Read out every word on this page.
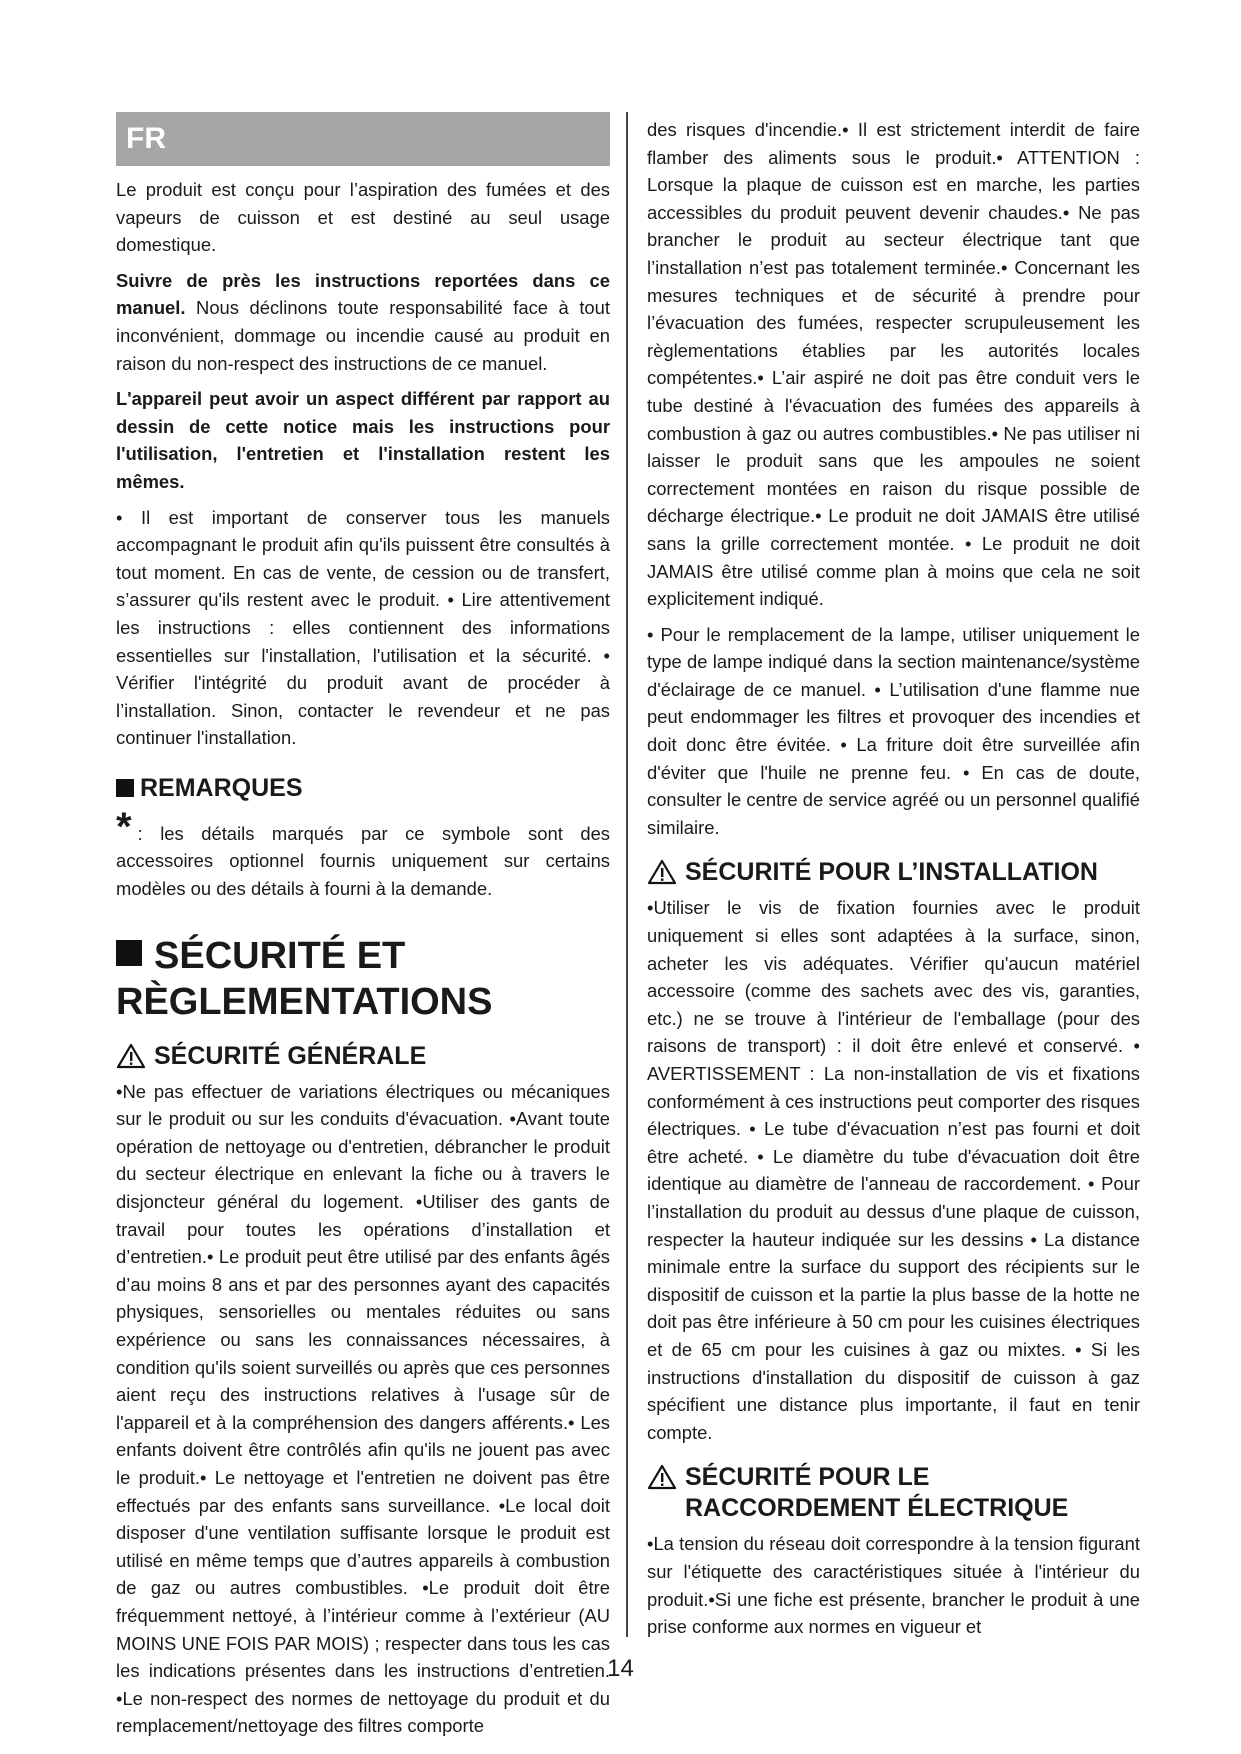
FR

Le produit est conçu pour l’aspiration des fumées et des vapeurs de cuisson et est destiné au seul usage domestique.

Suivre de près les instructions reportées dans ce manuel. Nous déclinons toute responsabilité face à tout inconvénient, dommage ou incendie causé au produit en raison du non-respect des instructions de ce manuel.

L'appareil peut avoir un aspect différent par rapport au dessin de cette notice mais les instructions pour l'utilisation, l'entretien et l'installation restent les mêmes.

• Il est important de conserver tous les manuels accompagnant le produit afin qu'ils puissent être consultés à tout moment. En cas de vente, de cession ou de transfert, s’assurer qu'ils restent avec le produit. • Lire attentivement les instructions : elles contiennent des informations essentielles sur l'installation, l'utilisation et la sécurité. • Vérifier l'intégrité du produit avant de procéder à l’installation. Sinon, contacter le revendeur et ne pas continuer l'installation.

REMARQUES

* : les détails marqués par ce symbole sont des accessoires optionnel fournis uniquement sur certains modèles ou des détails à fourni à la demande.

SÉCURITÉ ET
RÈGLEMENTATIONS
SÉCURITÉ GÉNÉRALE

•Ne pas effectuer de variations électriques ou mécaniques sur le produit ou sur les conduits d'évacuation. •Avant toute opération de nettoyage ou d'entretien, débrancher le produit du secteur électrique en enlevant la fiche ou à travers le disjoncteur général du logement. •Utiliser des gants de travail pour toutes les opérations d’installation et d’entretien.• Le produit peut être utilisé par des enfants âgés d’au moins 8 ans et par des personnes ayant des capacités physiques, sensorielles ou mentales réduites ou sans expérience ou sans les connaissances nécessaires, à condition qu'ils soient surveillés ou après que ces personnes aient reçu des instructions relatives à l'usage sûr de l'appareil et à la compréhension des dangers afférents.• Les enfants doivent être contrôlés afin qu'ils ne jouent pas avec le produit.• Le nettoyage et l'entretien ne doivent pas être effectués par des enfants sans surveillance. •Le local doit disposer d'une ventilation suffisante lorsque le produit est utilisé en même temps que d’autres appareils à combustion de gaz ou autres combustibles. •Le produit doit être fréquemment nettoyé, à l’intérieur comme à l’extérieur (AU MOINS UNE FOIS PAR MOIS) ; respecter dans tous les cas les indications présentes dans les instructions d’entretien. •Le non-respect des normes de nettoyage du produit et du remplacement/nettoyage des filtres comporte

des risques d'incendie.• Il est strictement interdit de faire flamber des aliments sous le produit.• ATTENTION : Lorsque la plaque de cuisson est en marche, les parties accessibles du produit peuvent devenir chaudes.• Ne pas brancher le produit au secteur électrique tant que l’installation n’est pas totalement terminée.• Concernant les mesures techniques et de sécurité à prendre pour l’évacuation des fumées, respecter scrupuleusement les règlementations établies par les autorités locales compétentes.• L’air aspiré ne doit pas être conduit vers le tube destiné à l'évacuation des fumées des appareils à combustion à gaz ou autres combustibles.• Ne pas utiliser ni laisser le produit sans que les ampoules ne soient correctement montées en raison du risque possible de décharge électrique.• Le produit ne doit JAMAIS être utilisé sans la grille correctement montée. • Le produit ne doit JAMAIS être utilisé comme plan à moins que cela ne soit explicitement indiqué.

• Pour le remplacement de la lampe, utiliser uniquement le type de lampe indiqué dans la section maintenance/système d'éclairage de ce manuel. • L’utilisation d'une flamme nue peut endommager les filtres et provoquer des incendies et doit donc être évitée. • La friture doit être surveillée afin d'éviter que l'huile ne prenne feu. • En cas de doute, consulter le centre de service agréé ou un personnel qualifié similaire.

SÉCURITÉ POUR L’INSTALLATION

•Utiliser le vis de fixation fournies avec le produit uniquement si elles sont adaptées à la surface, sinon, acheter les vis adéquates. Vérifier qu'aucun matériel accessoire (comme des sachets avec des vis, garanties, etc.) ne se trouve à l'intérieur de l'emballage (pour des raisons de transport) : il doit être enlevé et conservé. • AVERTISSEMENT : La non-installation de vis et fixations conformément à ces instructions peut comporter des risques électriques. • Le tube d'évacuation n’est pas fourni et doit être acheté. • Le diamètre du tube d'évacuation doit être identique au diamètre de l'anneau de raccordement. • Pour l’installation du produit au dessus d'une plaque de cuisson, respecter la hauteur indiquée sur les dessins • La distance minimale entre la surface du support des récipients sur le dispositif de cuisson et la partie la plus basse de la hotte ne doit pas être inférieure à 50 cm pour les cuisines électriques et de 65 cm pour les cuisines à gaz ou mixtes. • Si les instructions d'installation du dispositif de cuisson à gaz spécifient une distance plus importante, il faut en tenir compte.

SÉCURITÉ POUR LE RACCORDEMENT ÉLECTRIQUE

•La tension du réseau doit correspondre à la tension figurant sur l'étiquette des caractéristiques située à l'intérieur du produit.•Si une fiche est présente, brancher le produit à une prise conforme aux normes en vigueur et

14
